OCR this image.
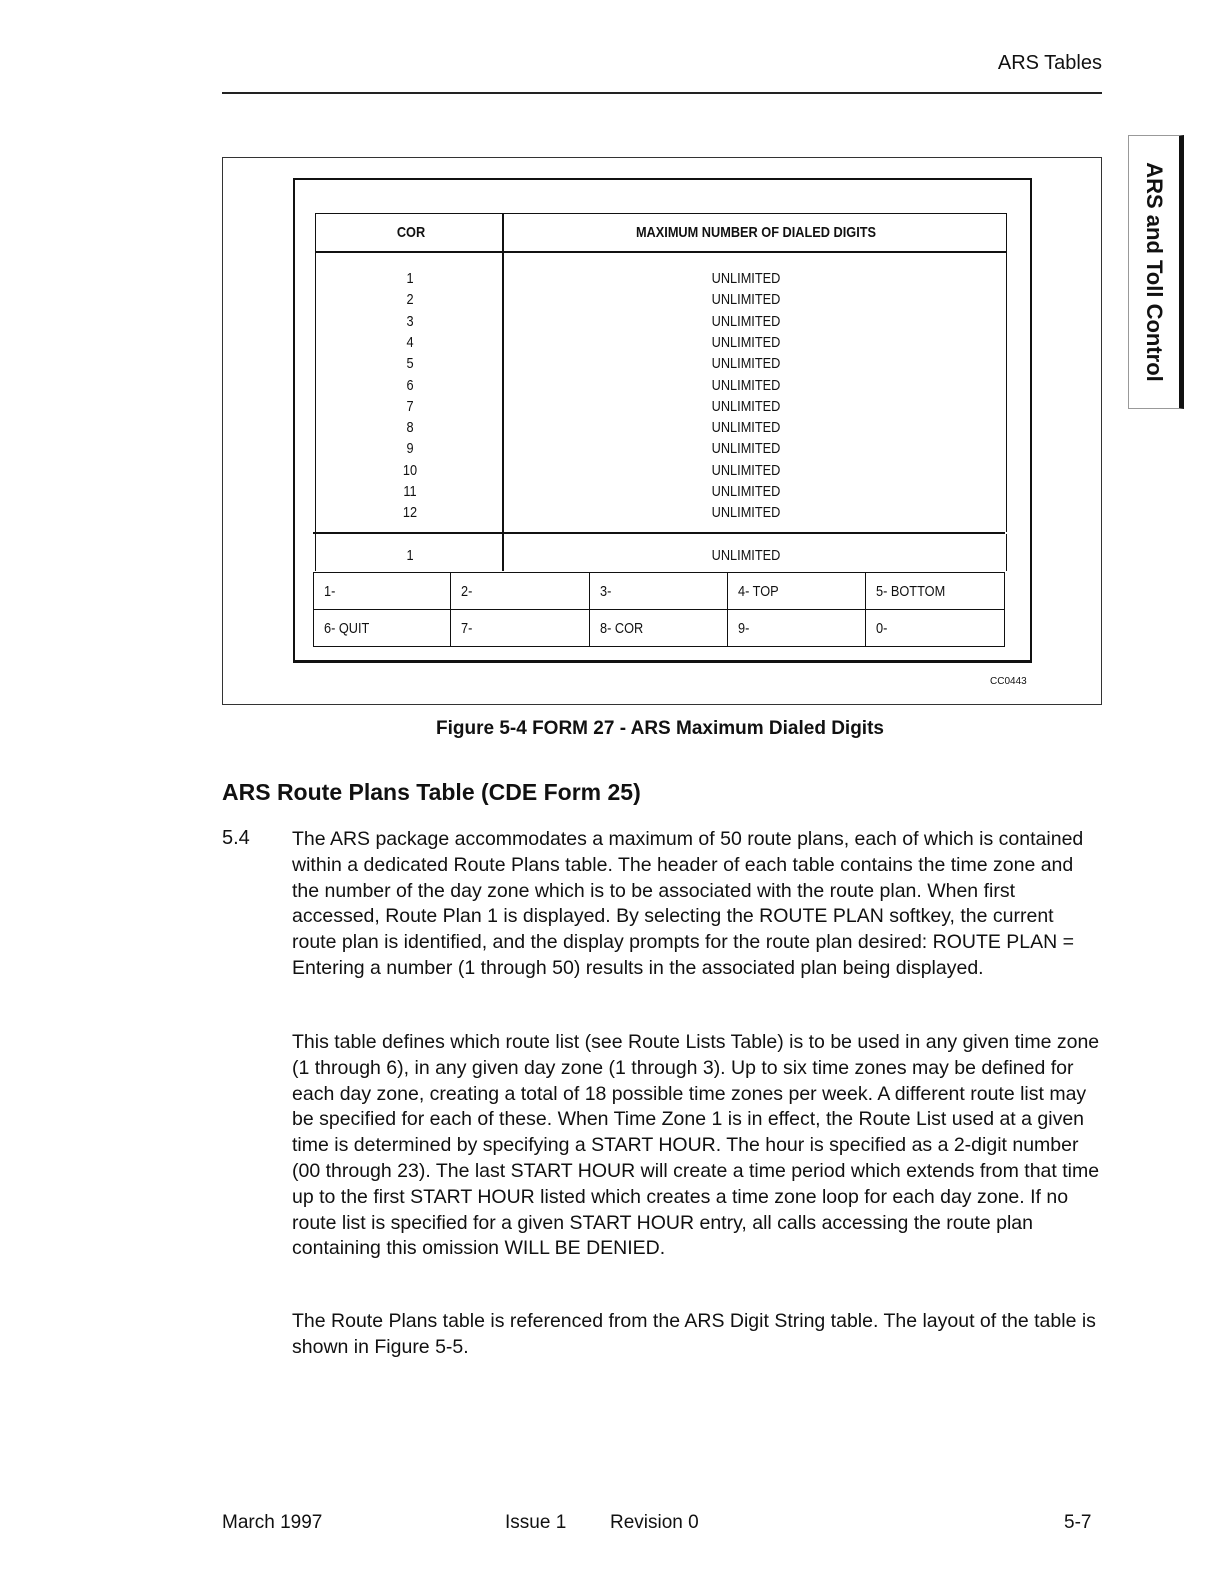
ARS Tables
ARS and Toll Control
COR	MAXIMUM NUMBER OF DIALED DIGITS
1	UNLIMITED
2	UNLIMITED
3	UNLIMITED
4	UNLIMITED
5	UNLIMITED
6	UNLIMITED
7	UNLIMITED
8	UNLIMITED
9	UNLIMITED
10	UNLIMITED
11	UNLIMITED
12	UNLIMITED
1	UNLIMITED
1-	2-	3-	4- TOP	5- BOTTOM
6- QUIT	7-	8- COR	9-	0-
CC0443
Figure 5-4 FORM 27 - ARS Maximum Dialed Digits
ARS Route Plans Table (CDE Form 25)
5.4 The ARS package accommodates a maximum of 50 route plans, each of which is contained within a dedicated Route Plans table. The header of each table contains the time zone and the number of the day zone which is to be associated with the route plan. When first accessed, Route Plan 1 is displayed. By selecting the ROUTE PLAN softkey, the current route plan is identified, and the display prompts for the route plan desired: ROUTE PLAN = Entering a number (1 through 50) results in the associated plan being displayed.
This table defines which route list (see Route Lists Table) is to be used in any given time zone (1 through 6), in any given day zone (1 through 3). Up to six time zones may be defined for each day zone, creating a total of 18 possible time zones per week. A different route list may be specified for each of these. When Time Zone 1 is in effect, the Route List used at a given time is determined by specifying a START HOUR. The hour is specified as a 2-digit number (00 through 23). The last START HOUR will create a time period which extends from that time up to the first START HOUR listed which creates a time zone loop for each day zone. If no route list is specified for a given START HOUR entry, all calls accessing the route plan containing this omission WILL BE DENIED.
The Route Plans table is referenced from the ARS Digit String table. The layout of the table is shown in Figure 5-5.
March 1997	Issue 1 Revision 0	5-7
